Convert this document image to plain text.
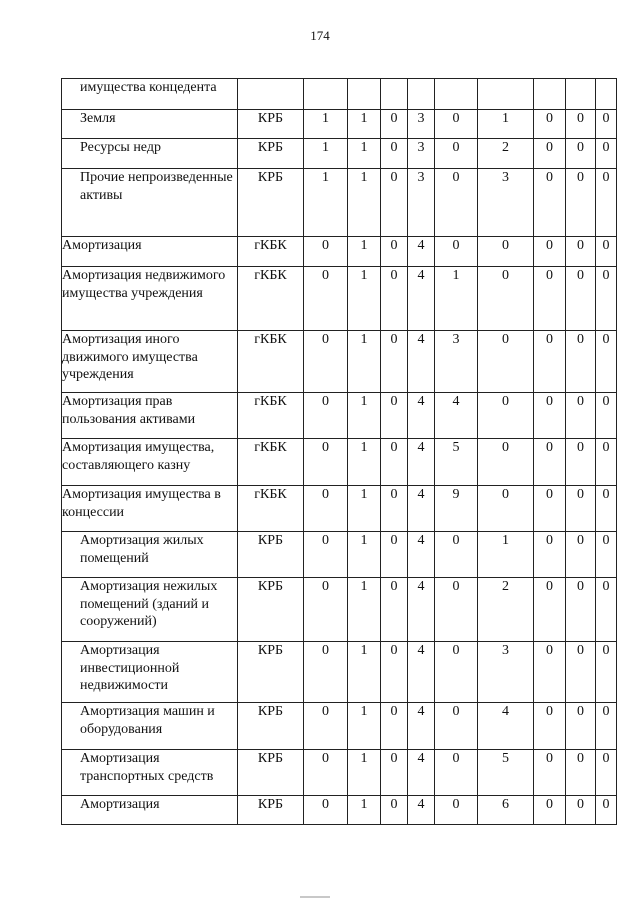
174
имущества концедента										
Земля	КРБ	1	1	0	3	0	1	0	0	0
Ресурсы недр	КРБ	1	1	0	3	0	2	0	0	0
Прочие непроизведенные активы	КРБ	1	1	0	3	0	3	0	0	0
Амортизация	гКБК	0	1	0	4	0	0	0	0	0
Амортизация недвижимого имущества учреждения	гКБК	0	1	0	4	1	0	0	0	0
Амортизация иного движимого имущества учреждения	гКБК	0	1	0	4	3	0	0	0	0
Амортизация прав пользования активами	гКБК	0	1	0	4	4	0	0	0	0
Амортизация имущества, составляющего казну	гКБК	0	1	0	4	5	0	0	0	0
Амортизация имущества в концессии	гКБК	0	1	0	4	9	0	0	0	0
Амортизация жилых помещений	КРБ	0	1	0	4	0	1	0	0	0
Амортизация нежилых помещений (зданий и сооружений)	КРБ	0	1	0	4	0	2	0	0	0
Амортизация инвестиционной недвижимости	КРБ	0	1	0	4	0	3	0	0	0
Амортизация машин и оборудования	КРБ	0	1	0	4	0	4	0	0	0
Амортизация транспортных средств	КРБ	0	1	0	4	0	5	0	0	0
Амортизация	КРБ	0	1	0	4	0	6	0	0	0
